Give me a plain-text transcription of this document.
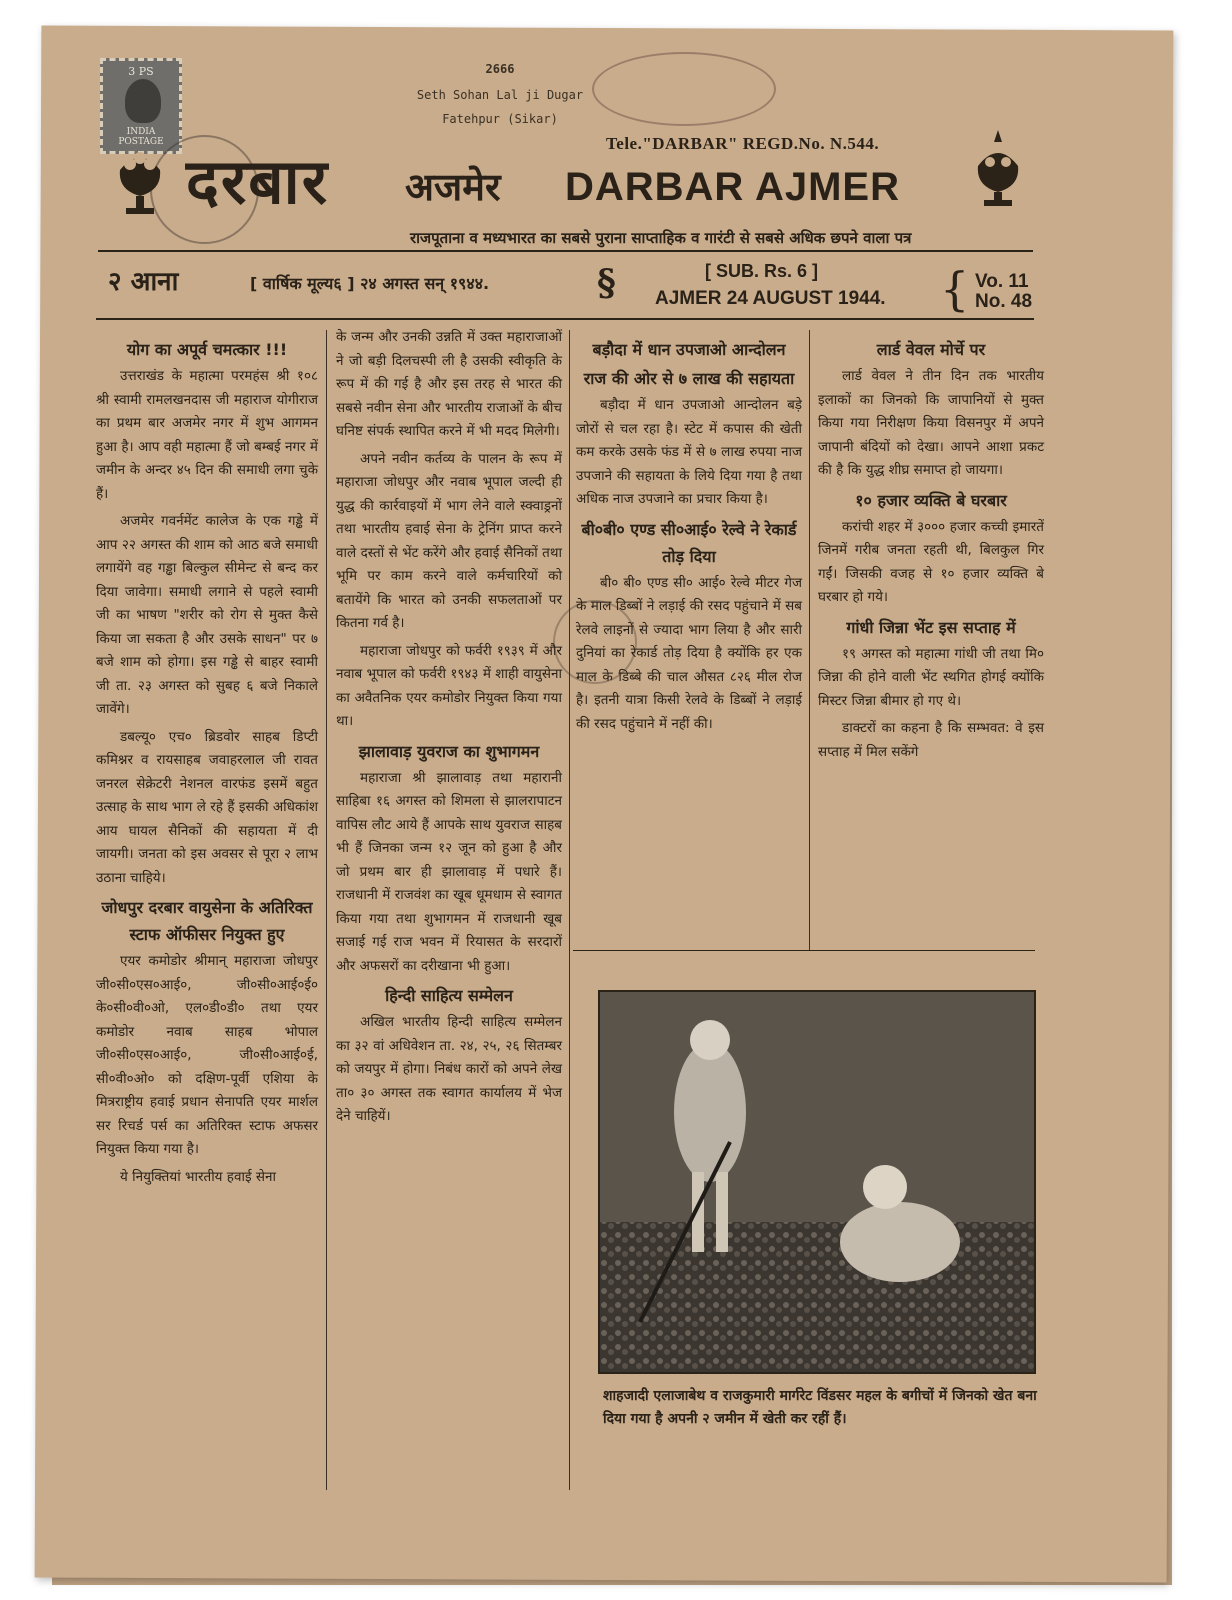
3 PS
INDIA POSTAGE
2666
Seth Sohan Lal ji Dugar
Fatehpur (Sikar)
Tele."DARBAR" REGD.No. N.544.
दरबार अजमेर DARBAR AJMER
राजपूताना व मध्यभारत का सबसे पुराना साप्ताहिक व गारंटी से सबसे अधिक छपने वाला पत्र
२ आना	[ वार्षिक मूल्य६ ] २४ अगस्त सन् १९४४.	§	[ SUB. Rs. 6 ]
AJMER 24 AUGUST 1944. { Vo. 11
No. 48
योग का अपूर्व चमत्कार !!!

उत्तराखंड के महात्मा परमहंस श्री १०८ श्री स्वामी रामलखनदास जी महाराज योगीराज का प्रथम बार अजमेर नगर में शुभ आगमन हुआ है। आप वही महात्मा हैं जो बम्बई नगर में जमीन के अन्दर ४५ दिन की समाधी लगा चुके हैं।

अजमेर गवर्नमेंट कालेज के एक गड्ढे में आप २२ अगस्त की शाम को आठ बजे समाधी लगायेंगे वह गड्ढा बिल्कुल सीमेन्ट से बन्द कर दिया जावेगा। समाधी लगाने से पहले स्वामी जी का भाषण "शरीर को रोग से मुक्त कैसे किया जा सकता है और उसके साधन" पर ७ बजे शाम को होगा। इस गड्ढे से बाहर स्वामी जी ता. २३ अगस्त को सुबह ६ बजे निकाले जावेंगे।

डबल्यू० एच० ब्रिडवोर साहब डिप्टी कमिश्नर व रायसाहब जवाहरलाल जी रावत जनरल सेक्रेटरी नेशनल वारफंड इसमें बहुत उत्साह के साथ भाग ले रहे हैं इसकी अधिकांश आय घायल सैनिकों की सहायता में दी जायगी। जनता को इस अवसर से पूरा २ लाभ उठाना चाहिये।

जोधपुर दरबार वायुसेना के अतिरिक्त स्टाफ ऑफीसर नियुक्त हुए

एयर कमोडोर श्रीमान् महाराजा जोधपुर जी०सी०एस०आई०, जी०सी०आई०ई० के०सी०वी०ओ, एल०डी०डी० तथा एयर कमोडोर नवाब साहब भोपाल जी०सी०एस०आई०, जी०सी०आई०ई, सी०वी०ओ० को दक्षिण-पूर्वी एशिया के मित्रराष्ट्रीय हवाई प्रधान सेनापति एयर मार्शल सर रिचर्ड पर्स का अतिरिक्त स्टाफ अफसर नियुक्त किया गया है।

ये नियुक्तियां भारतीय हवाई सेना

के जन्म और उनकी उन्नति में उक्त महाराजाओं ने जो बड़ी दिलचस्पी ली है उसकी स्वीकृति के रूप में की गई है और इस तरह से भारत की सबसे नवीन सेना और भारतीय राजाओं के बीच घनिष्ट संपर्क स्थापित करने में भी मदद मिलेगी।

अपने नवीन कर्तव्य के पालन के रूप में महाराजा जोधपुर और नवाब भूपाल जल्दी ही युद्ध की कार्रवाइयों में भाग लेने वाले स्क्वाड्रनों तथा भारतीय हवाई सेना के ट्रेनिंग प्राप्त करने वाले दस्तों से भेंट करेंगे और हवाई सैनिकों तथा भूमि पर काम करने वाले कर्मचारियों को बतायेंगे कि भारत को उनकी सफलताओं पर कितना गर्व है।

महाराजा जोधपुर को फर्वरी १९३९ में और नवाब भूपाल को फर्वरी १९४३ में शाही वायुसेना का अवैतनिक एयर कमोडोर नियुक्त किया गया था।

झालावाड़ युवराज का शुभागमन

महाराजा श्री झालावाड़ तथा महारानी साहिबा १६ अगस्त को शिमला से झालरापाटन वापिस लौट आये हैं आपके साथ युवराज साहब भी हैं जिनका जन्म १२ जून को हुआ है और जो प्रथम बार ही झालावाड़ में पधारे हैं। राजधानी में राजवंश का खूब धूमधाम से स्वागत किया गया तथा शुभागमन में राजधानी खूब सजाई गई राज भवन में रियासत के सरदारों और अफसरों का दरीखाना भी हुआ।

हिन्दी साहित्य सम्मेलन

अखिल भारतीय हिन्दी साहित्य सम्मेलन का ३२ वां अधिवेशन ता. २४, २५, २६ सितम्बर को जयपुर में होगा। निबंध कारों को अपने लेख ता० ३० अगस्त तक स्वागत कार्यालय में भेज देने चाहियें।

बड़ौदा में धान उपजाओ आन्दोलन
राज की ओर से ७ लाख की सहायता

बड़ौदा में धान उपजाओ आन्दोलन बड़े जोरों से चल रहा है। स्टेट में कपास की खेती कम करके उसके फंड में से ७ लाख रुपया नाज उपजाने की सहायता के लिये दिया गया है तथा अधिक नाज उपजाने का प्रचार किया है।

बी०बी० एण्ड सी०आई० रेल्वे ने रेकार्ड तोड़ दिया

बी० बी० एण्ड सी० आई० रेल्वे मीटर गेज के माल डिब्बों ने लड़ाई की रसद पहुंचाने में सब रेलवे लाइनों से ज्यादा भाग लिया है और सारी दुनियां का रेकार्ड तोड़ दिया है क्योंकि हर एक माल के डिब्बे की चाल औसत ८२६ मील रोज है। इतनी यात्रा किसी रेलवे के डिब्बों ने लड़ाई की रसद पहुंचाने में नहीं की।

लार्ड वेवल मोर्चे पर

लार्ड वेवल ने तीन दिन तक भारतीय इलाकों का जिनको कि जापानियों से मुक्त किया गया निरीक्षण किया विसनपुर में अपने जापानी बंदियों को देखा। आपने आशा प्रकट की है कि युद्ध शीघ्र समाप्त हो जायगा।

१० हजार व्यक्ति बे घरबार

करांची शहर में ३००० हजार कच्ची इमारतें जिनमें गरीब जनता रहती थी, बिलकुल गिर गईं। जिसकी वजह से १० हजार व्यक्ति बे घरबार हो गये।

गांधी जिन्ना भेंट इस सप्ताह में

१९ अगस्त को महात्मा गांधी जी तथा मि० जिन्ना की होने वाली भेंट स्थगित होगई क्योंकि मिस्टर जिन्ना बीमार हो गए थे।

डाक्टरों का कहना है कि सम्भवत: वे इस सप्ताह में मिल सकेंगे

शाहजादी एलाजाबेथ व राजकुमारी मार्गरेट विंडसर महल के बगीचों में जिनको खेत बना दिया गया है अपनी २ जमीन में खेती कर रहीं हैं।
